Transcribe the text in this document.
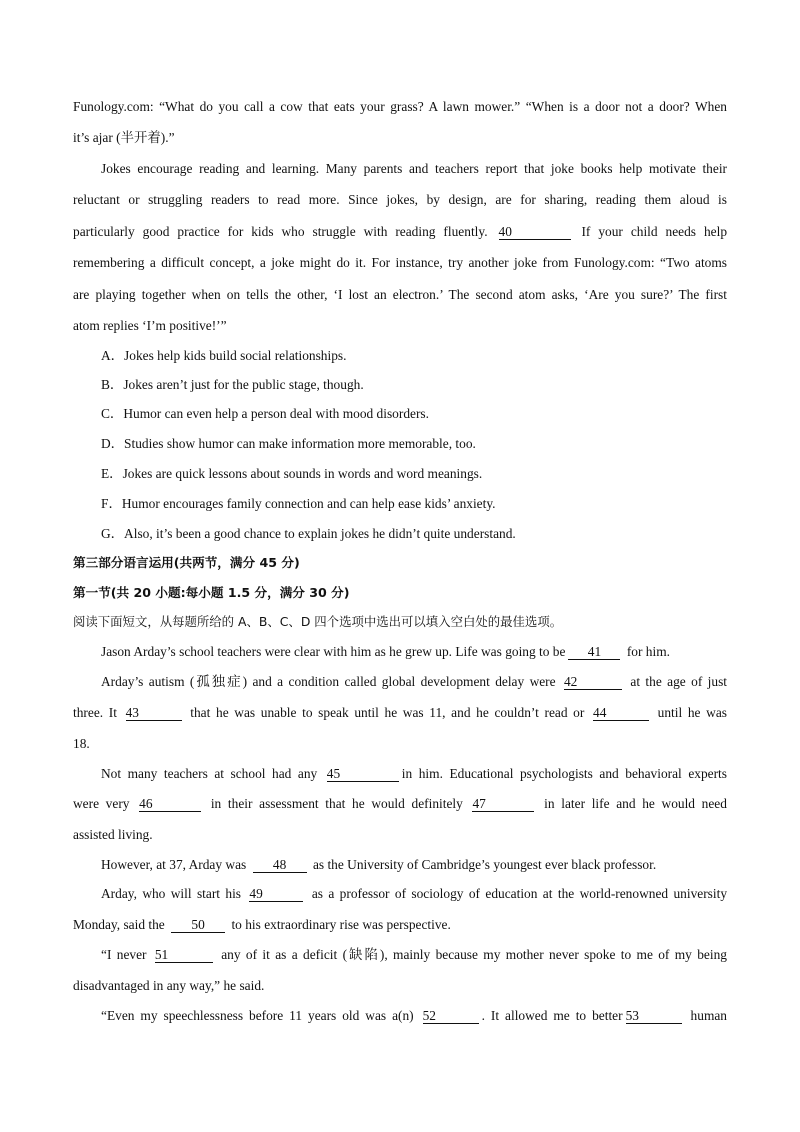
Funology.com: “What do you call a cow that eats your grass? A lawn mower.” “When is a door not a door? When
it’s ajar (半开着).”
Jokes encourage reading and learning. Many parents and teachers report that joke books help motivate their
reluctant or struggling readers to read more. Since jokes, by design, are for sharing, reading them aloud is
particularly good practice for kids who struggle with reading fluently. 40	If your child needs help
remembering a difficult concept, a joke might do it. For instance, try another joke from Funology.com: “Two atoms
are playing together when on tells the other, ‘I lost an electron.’ The second atom asks, ‘Are you sure?’ The first
atom replies ‘I’m positive!’”
A．Jokes help kids build social relationships.
B．Jokes aren’t just for the public stage, though.
C．Humor can even help a person deal with mood disorders.
D．Studies show humor can make information more memorable, too.
E．Jokes are quick lessons about sounds in words and word meanings.
F．Humor encourages family connection and can help ease kids’ anxiety.
G．Also, it’s been a good chance to explain jokes he didn’t quite understand.
第三部分语言运用(共两节，满分 45 分)
第一节(共 20 小题:每小题 1.5 分，满分 30 分)
阅读下面短文，从每题所给的 A、B、C、D 四个选项中选出可以填入空白处的最佳选项。
Jason Arday’s school teachers were clear with him as he grew up. Life was going to be 41 for him.
Arday’s autism (孤独症) and a condition called global development delay were 42	at the age of just
three. It 43	that he was unable to speak until he was 11, and he couldn’t read or 44	until he was
18.
Not many teachers at school had any 45	in him. Educational psychologists and behavioral experts
were very 46	in their assessment that he would definitely 47	in later life and he would need
assisted living.
However, at 37, Arday was 48 as the University of Cambridge’s youngest ever black professor.
Arday, who will start his 49	as a professor of sociology of education at the world-renowned university
Monday, said the 50 to his extraordinary rise was perspective.
“I never 51	any of it as a deficit (缺陷), mainly because my mother never spoke to me of my being
disadvantaged in any way,” he said.
“Even my speechlessness before 11 years old was a(n) 52	. It allowed me to better 53	human
